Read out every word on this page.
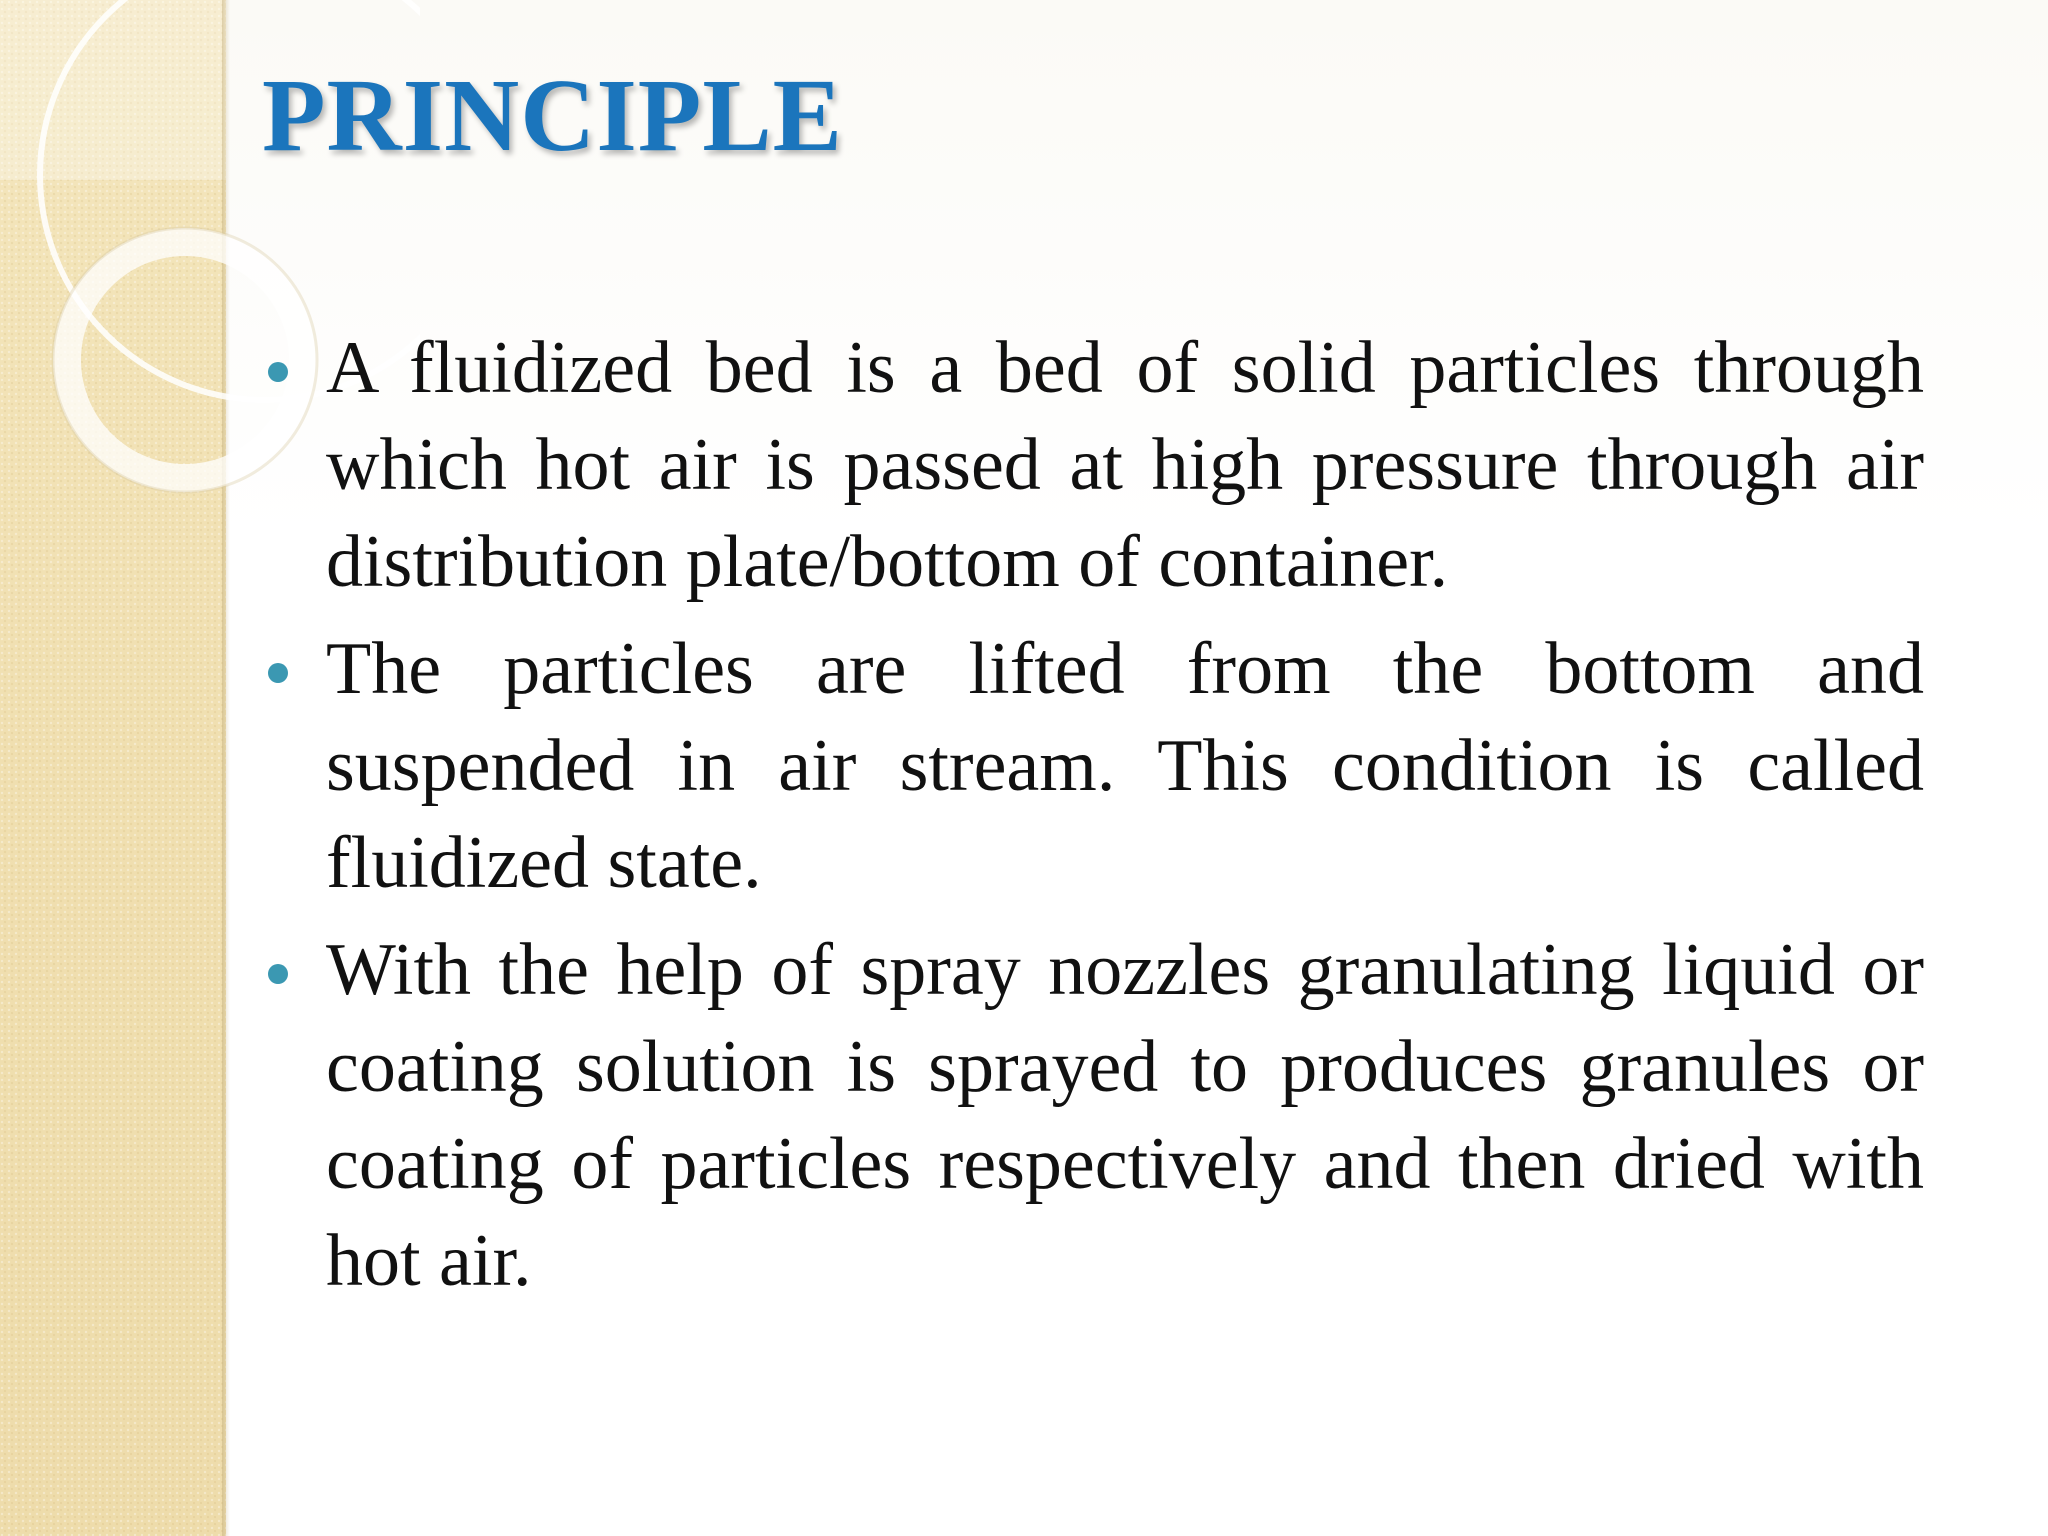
PRINCIPLE
A fluidized bed is a bed of solid particles through which hot air is passed at high pressure through air distribution plate/bottom of container.
The particles are lifted from the bottom and suspended in air stream. This condition is called fluidized state.
With the help of spray nozzles granulating liquid or coating solution is sprayed to produces granules or coating of particles respectively and then dried with hot air.
